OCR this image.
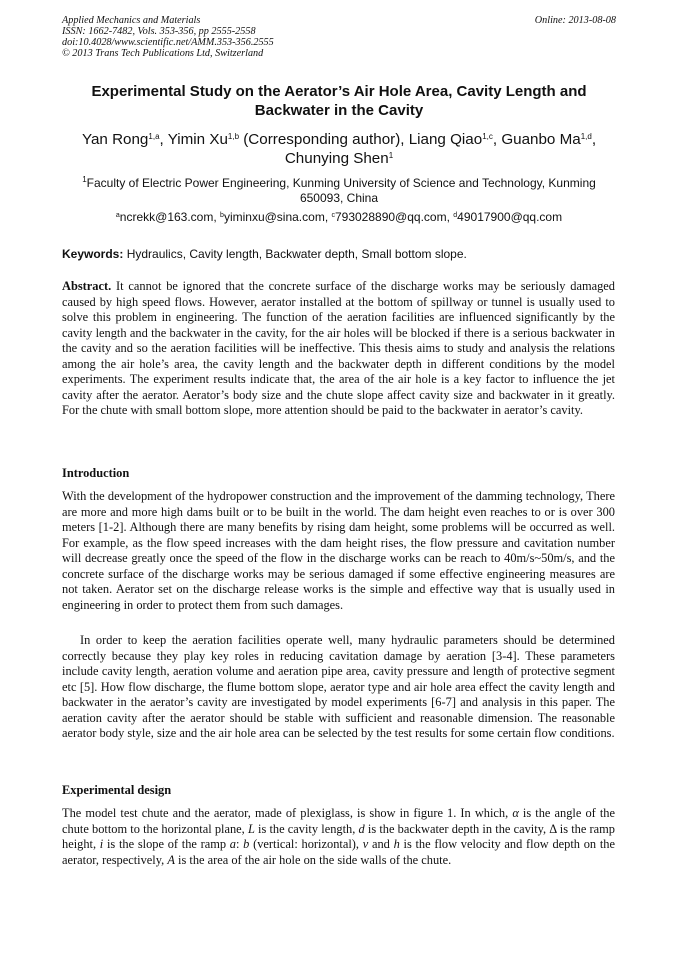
Applied Mechanics and Materials
ISSN: 1662-7482, Vols. 353-356, pp 2555-2558
doi:10.4028/www.scientific.net/AMM.353-356.2555
© 2013 Trans Tech Publications Ltd, Switzerland
Online: 2013-08-08
Experimental Study on the Aerator’s Air Hole Area, Cavity Length and Backwater in the Cavity
Yan Rong$^{1,a}$, Yimin Xu$^{1,b}$ (Corresponding author), Liang Qiao$^{1,c}$, Guanbo Ma$^{1,d}$,
Chunying Shen$^1$
$^1$Faculty of Electric Power Engineering, Kunming University of Science and Technology, Kunming 650093, China
$^a$ncrekk@163.com, $^b$yiminxu@sina.com, $^c$793028890@qq.com, $^d$49017900@qq.com
Keywords: Hydraulics, Cavity length, Backwater depth, Small bottom slope.

Abstract. It cannot be ignored that the concrete surface of the discharge works may be seriously damaged caused by high speed flows. However, aerator installed at the bottom of spillway or tunnel is usually used to solve this problem in engineering. The function of the aeration facilities are influenced significantly by the cavity length and the backwater in the cavity, for the air holes will be blocked if there is a serious backwater in the cavity and so the aeration facilities will be ineffective. This thesis aims to study and analysis the relations among the air hole’s area, the cavity length and the backwater depth in different conditions by the model experiments. The experiment results indicate that, the area of the air hole is a key factor to influence the jet cavity after the aerator. Aerator’s body size and the chute slope affect cavity size and backwater in it greatly. For the chute with small bottom slope, more attention should be paid to the backwater in aerator’s cavity.

Introduction

With the development of the hydropower construction and the improvement of the damming technology, There are more and more high dams built or to be built in the world. The dam height even reaches to or is over 300 meters [1-2]. Although there are many benefits by rising dam height, some problems will be occurred as well. For example, as the flow speed increases with the dam height rises, the flow pressure and cavitation number will decrease greatly once the speed of the flow in the discharge works can be reach to 40m/s~50m/s, and the concrete surface of the discharge works may be serious damaged if some effective engineering measures are not taken. Aerator set on the discharge release works is the simple and effective way that is usually used in engineering in order to protect them from such damages.

In order to keep the aeration facilities operate well, many hydraulic parameters should be determined correctly because they play key roles in reducing cavitation damage by aeration [3-4]. These parameters include cavity length, aeration volume and aeration pipe area, cavity pressure and length of protective segment etc [5]. How flow discharge, the flume bottom slope, aerator type and air hole area effect the cavity length and backwater in the aerator’s cavity are investigated by model experiments [6-7] and analysis in this paper. The aeration cavity after the aerator should be stable with sufficient and reasonable dimension. The reasonable aerator body style, size and the air hole area can be selected by the test results for some certain flow conditions.

Experimental design

The model test chute and the aerator, made of plexiglass, is show in figure 1. In which, α is the angle of the chute bottom to the horizontal plane, L is the cavity length, d is the backwater depth in the cavity, Δ is the ramp height, i is the slope of the ramp a: b (vertical: horizontal), v and h is the flow velocity and flow depth on the aerator, respectively, A is the area of the air hole on the side walls of the chute.
